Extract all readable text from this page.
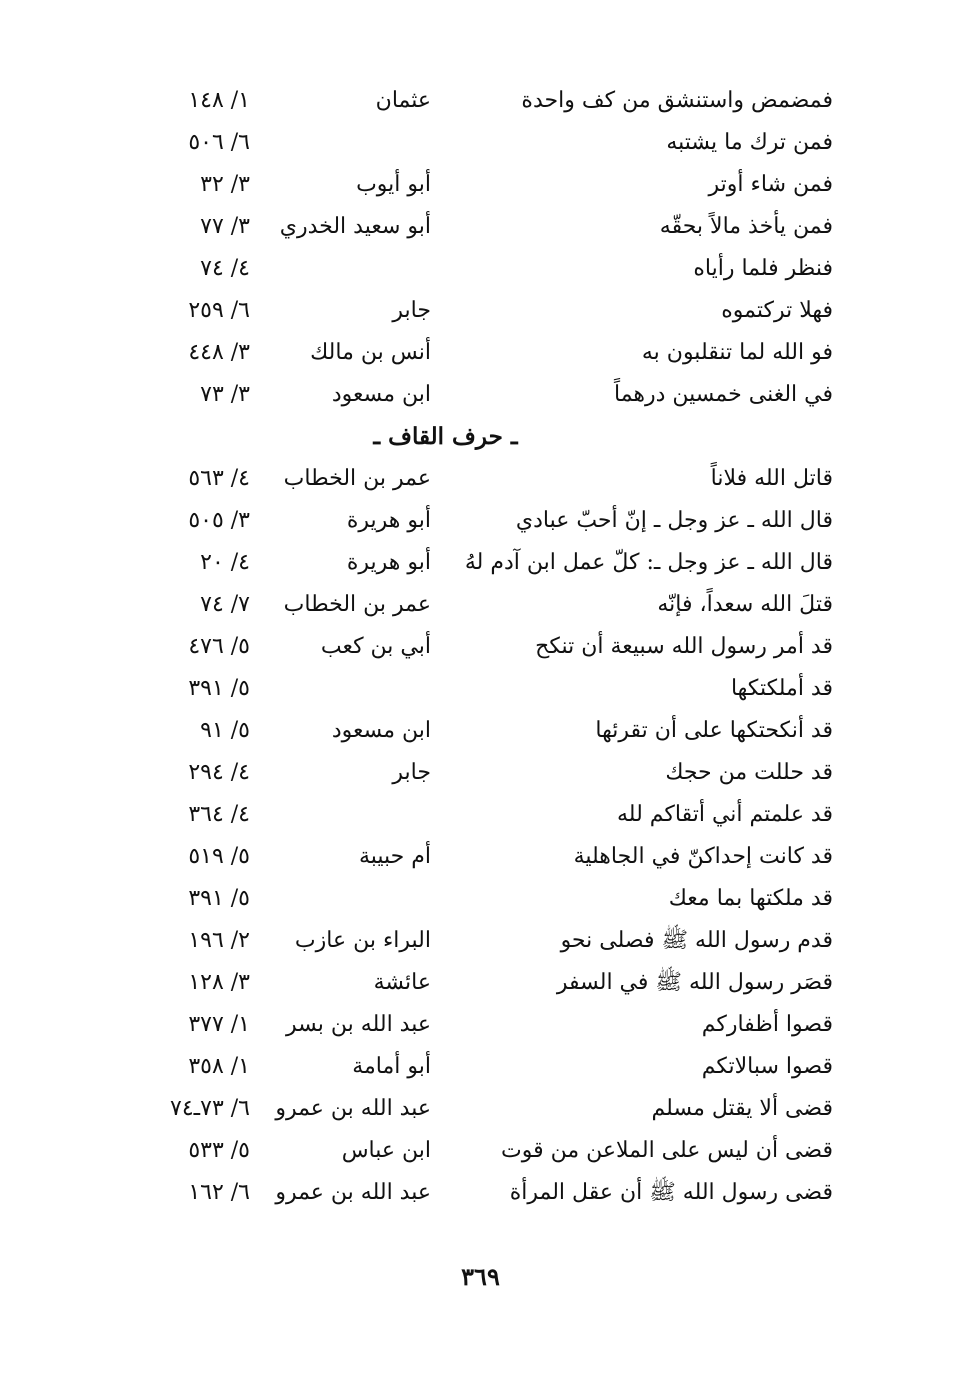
فمضمض واستنشق من كف واحدة
عثمان
١/ ١٤٨
فمن ترك ما يشتبه
٦/ ٥٠٦
فمن شاء أوتر
أبو أيوب
٣/ ٣٢
فمن يأخذ مالاً بحقّه
أبو سعيد الخدري
٣/ ٧٧
فنظر فلما رأياه
٤/ ٧٤
فهلا تركتموه
جابر
٦/ ٢٥٩
فو الله لما تنقلبون به
أنس بن مالك
٣/ ٤٤٨
في الغنى خمسين درهماً
ابن مسعود
٣/ ٧٣
ـ حرف القاف ـ
قاتل الله فلاناً
عمر بن الخطاب
٤/ ٥٦٣
قال الله ـ عز وجل ـ إنّ أحبّ عبادي
أبو هريرة
٣/ ٥٠٥
قال الله ـ عز وجل ـ: كلّ عمل ابن آدم لهُ
أبو هريرة
٤/ ٢٠
قتلَ الله سعداً، فإنّه
عمر بن الخطاب
٧/ ٧٤
قد أمر رسول الله سبيعة أن تنكح
أبي بن كعب
٥/ ٤٧٦
قد أملكتكها
٥/ ٣٩١
قد أنكحتكها على أن تقرئها
ابن مسعود
٥/ ٩١
قد حللت من حجك
جابر
٤/ ٢٩٤
قد علمتم أني أتقاكم لله
٤/ ٣٦٤
قد كانت إحداكنّ في الجاهلية
أم حبيبة
٥/ ٥١٩
قد ملكتها بما معك
٥/ ٣٩١
قدم رسول الله ﷺ فصلى نحو
البراء بن عازب
٢/ ١٩٦
قصَر رسول الله ﷺ في السفر
عائشة
٣/ ١٢٨
قصوا أظفاركم
عبد الله بن بسر
١/ ٣٧٧
قصوا سبالاتكم
أبو أمامة
١/ ٣٥٨
قضى ألا يقتل مسلم
عبد الله بن عمرو
٦/ ٧٣ـ٧٤
قضى أن ليس على الملاعن من قوت
ابن عباس
٥/ ٥٣٣
قضى رسول الله ﷺ أن عقل المرأة
عبد الله بن عمرو
٦/ ١٦٢
٣٦٩
